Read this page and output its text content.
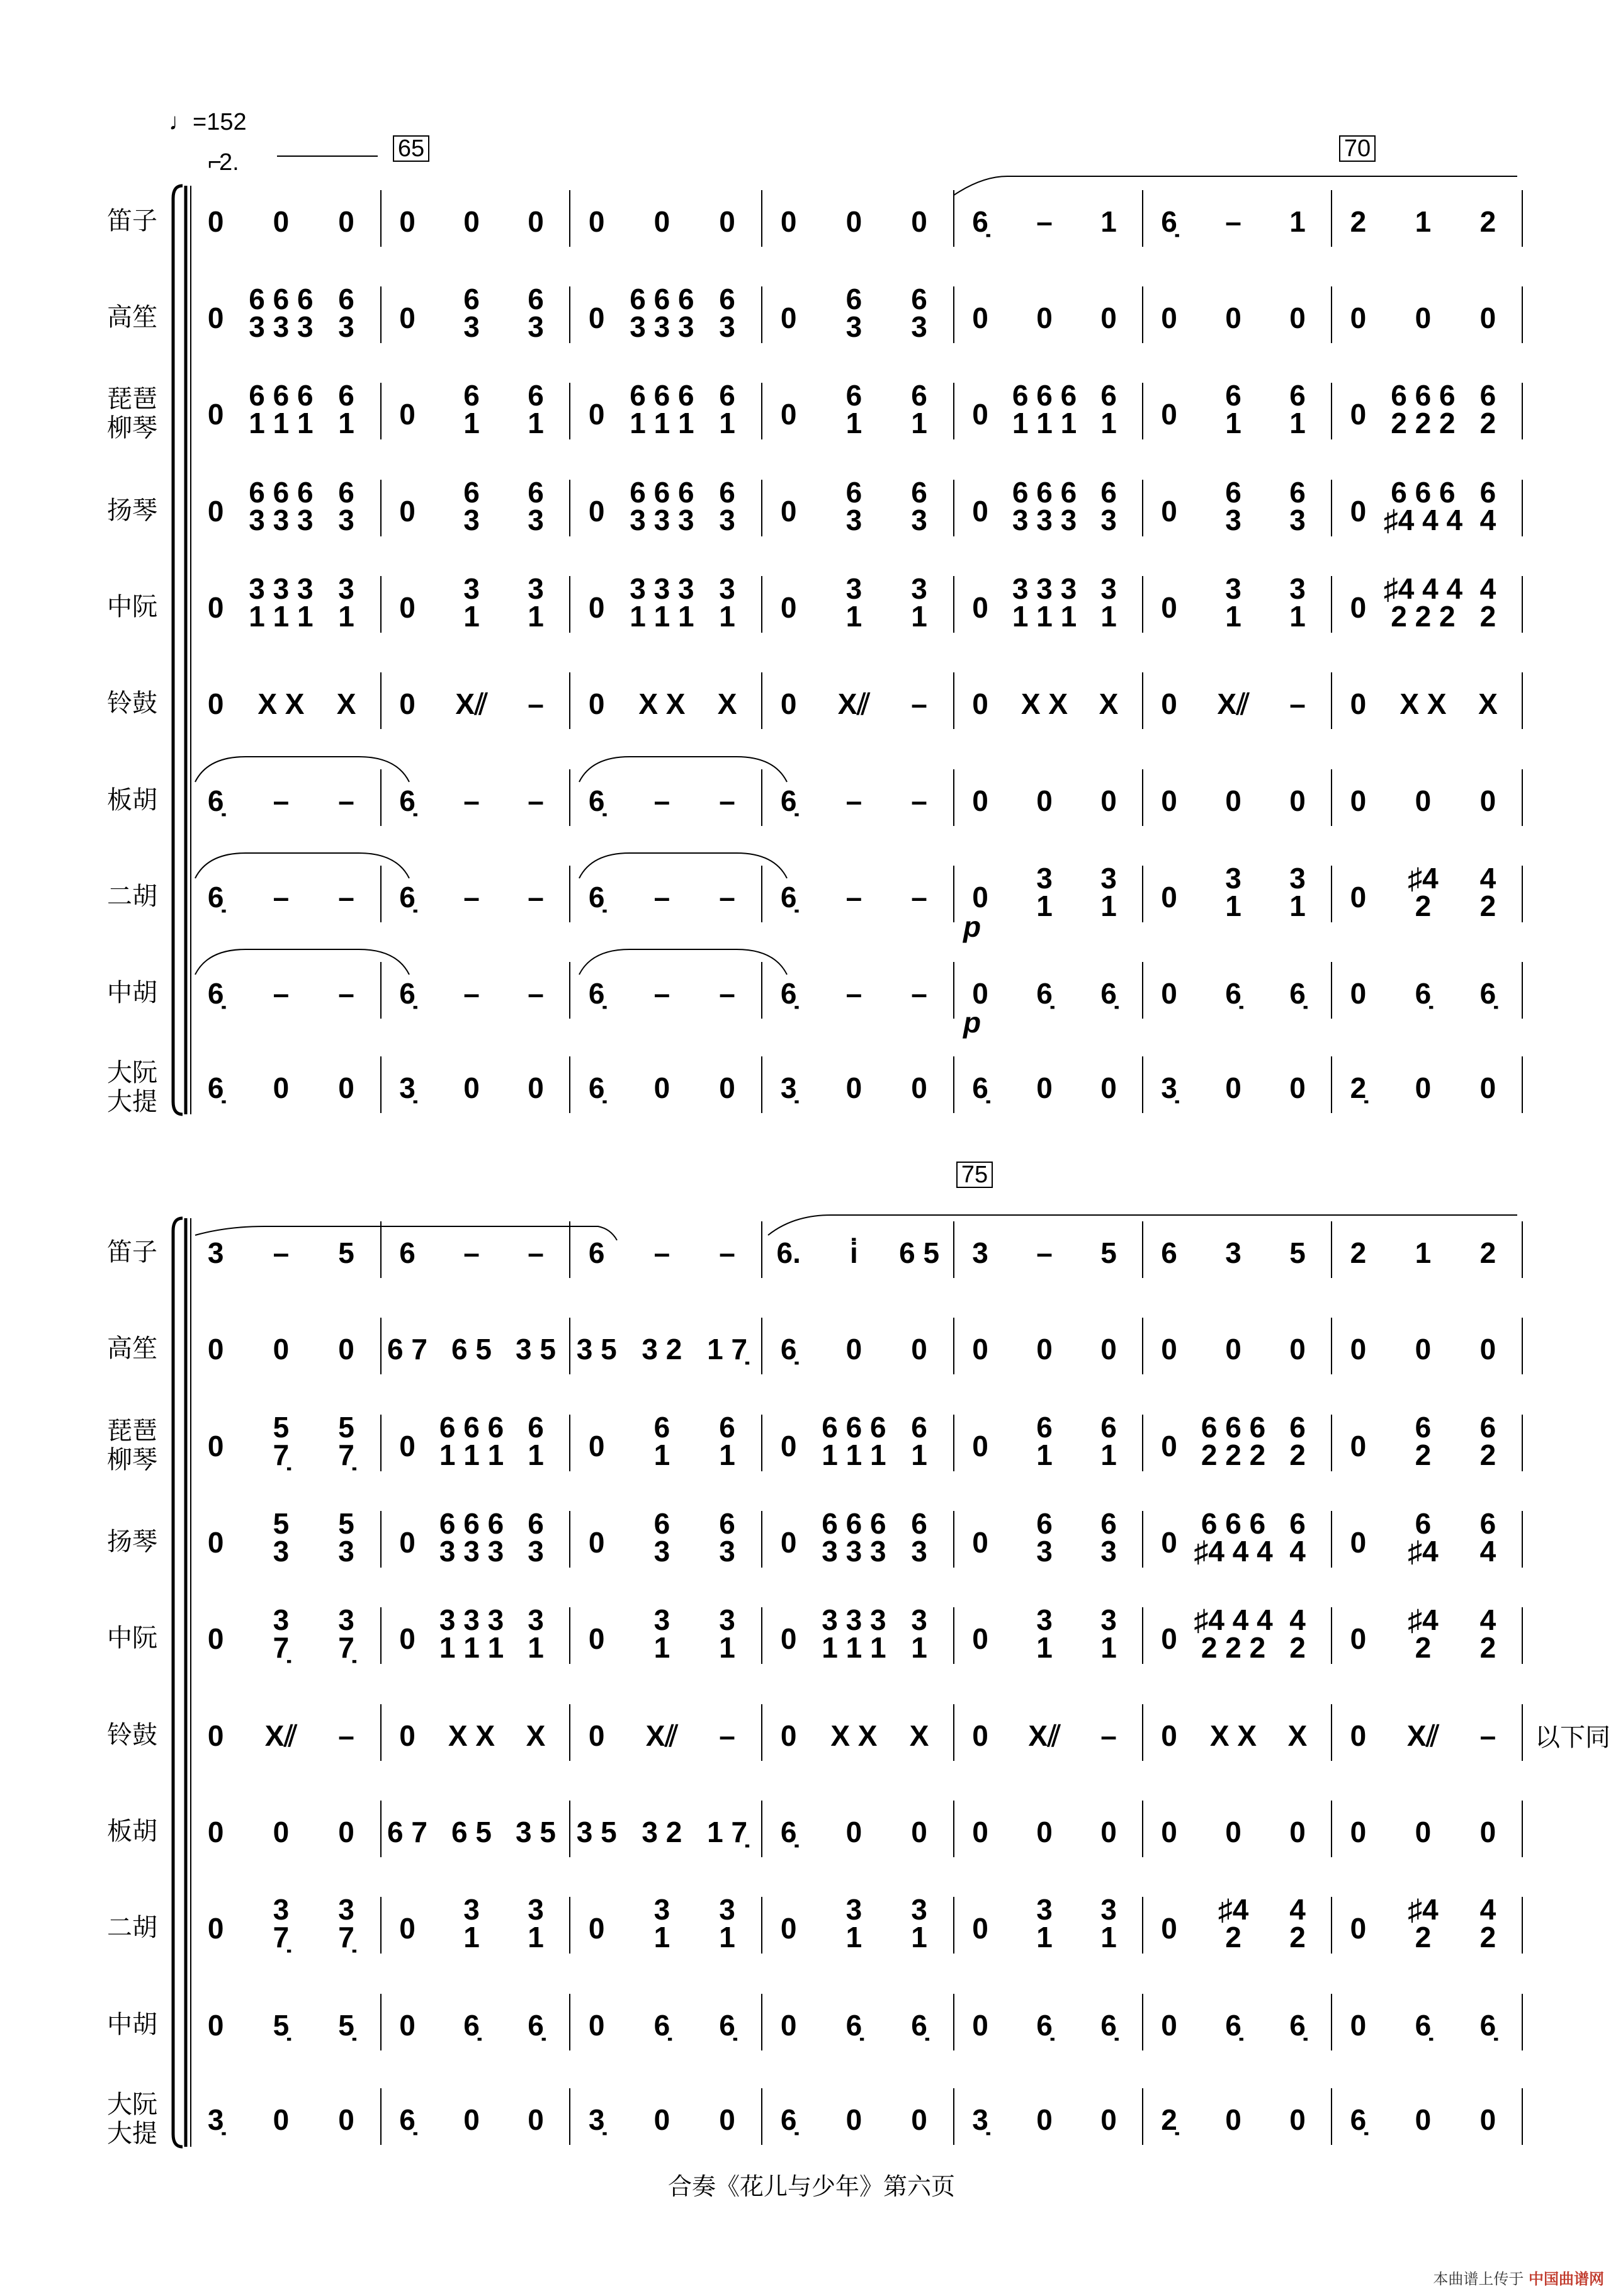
♩=152
⌐
2.
65	70
75
笛子 0 0 0 0 0 0 0 0 0 0 0 0 6̣ – 1 6̣ – 1 2 1 2
高笙 0
6 6 6
3 3 3
6
3 0
6
3
6
3 0
6 6 6
3 3 3
6
3 0
6
3
6
3 0 0 0 0 0 0 0 0 0
琵琶
柳琴 0
6 6 6
1 1 1
6
1 0
6
1
6
1 0
6 6 6
1 1 1
6
1 0
6
1
6
1 0
6 6 6
1 1 1
6
1 0
6
1
6
1 0
6 6 6
2 2 2
6
2
扬琴 0
6 6 6
3 3 3
6
3 0
6
3
6
3 0
6 6 6
3 3 3
6
3 0
6
3
6
3 0
6 6 6
3 3 3
6
3 0
6
3
6
3 0
6 6 6
♯4 4 4
6
4
中阮 0
3 3 3
1 1 1
3
1 0
3
1
3
1 0
3 3 3
1 1 1
3
1 0
3
1
3
1 0
3 3 3
1 1 1
3
1 0
3
1
3
1 0
♯4 4 4
2 2 2
4
2
铃鼓 0 X X X 0 X⫽ – 0 X X X 0 X⫽ – 0 X X X 0 X⫽ – 0 X X X
板胡 6̣ – – 6̣ – – 6̣ – – 6̣ – – 0 0 0 0 0 0 0 0 0
二胡 6̣ – – 6̣ – – 6̣ – – 6̣ – – 0
3
1
3
1 0
3
1
3
1 0
♯4
2
4
2
中胡 6̣ – – 6̣ – – 6̣ – – 6̣ – – 0 6̣ 6̣ 0 6̣ 6̣ 0 6̣ 6̣
大阮
大提 6̣ 0 0 3̣ 0 0 6̣ 0 0 3̣ 0 0 6̣ 0 0 3̣ 0 0 2̣ 0 0
笛子 3 – 5 6 – – 6 – – 6. i̇ 6 5 3 – 5 6 3 5 2 1 2
高笙 0 0 0 6 7 6 5 3 5 3 5 3 2 1 7̣ 6̣ 0 0 0 0 0 0 0 0 0 0 0
琵琶
柳琴 0
5
7̣
5
7̣ 0
6 6 6
1 1 1
6
1 0
6
1
6
1 0
6 6 6
1 1 1
6
1 0
6
1
6
1 0
6 6 6
2 2 2
6
2 0
6
2
6
2
扬琴 0
5
3
5
3 0
6 6 6
3 3 3
6
3 0
6
3
6
3 0
6 6 6
3 3 3
6
3 0
6
3
6
3 0
6 6 6
♯4 4 4
6
4 0
6
♯4
6
4
中阮 0
3
7̣
3
7̣ 0
3 3 3
1 1 1
3
1 0
3
1
3
1 0
3 3 3
1 1 1
3
1 0
3
1
3
1 0
♯4 4 4
2 2 2
4
2 0
♯4
2
4
2
铃鼓 0 X⫽ – 0 X X X 0 X⫽ – 0 X X X 0 X⫽ – 0 X X X 0 X⫽ –
板胡 0 0 0 6 7 6 5 3 5 3 5 3 2 1 7̣ 6̣ 0 0 0 0 0 0 0 0 0 0 0
二胡 0
3
7̣
3
7̣ 0
3
1
3
1 0
3
1
3
1 0
3
1
3
1 0
3
1
3
1 0
♯4
2
4
2 0
♯4
2
4
2
中胡 0 5̣ 5̣ 0 6̣ 6̣ 0 6̣ 6̣ 0 6̣ 6̣ 0 6̣ 6̣ 0 6̣ 6̣ 0 6̣ 6̣
大阮
大提 3̣ 0 0 6̣ 0 0 3̣ 0 0 6̣ 0 0 3̣ 0 0 2̣ 0 0 6̣ 0 0
p
p
以下同
合奏《花儿与少年》第六页
本曲谱上传于 中国曲谱网
